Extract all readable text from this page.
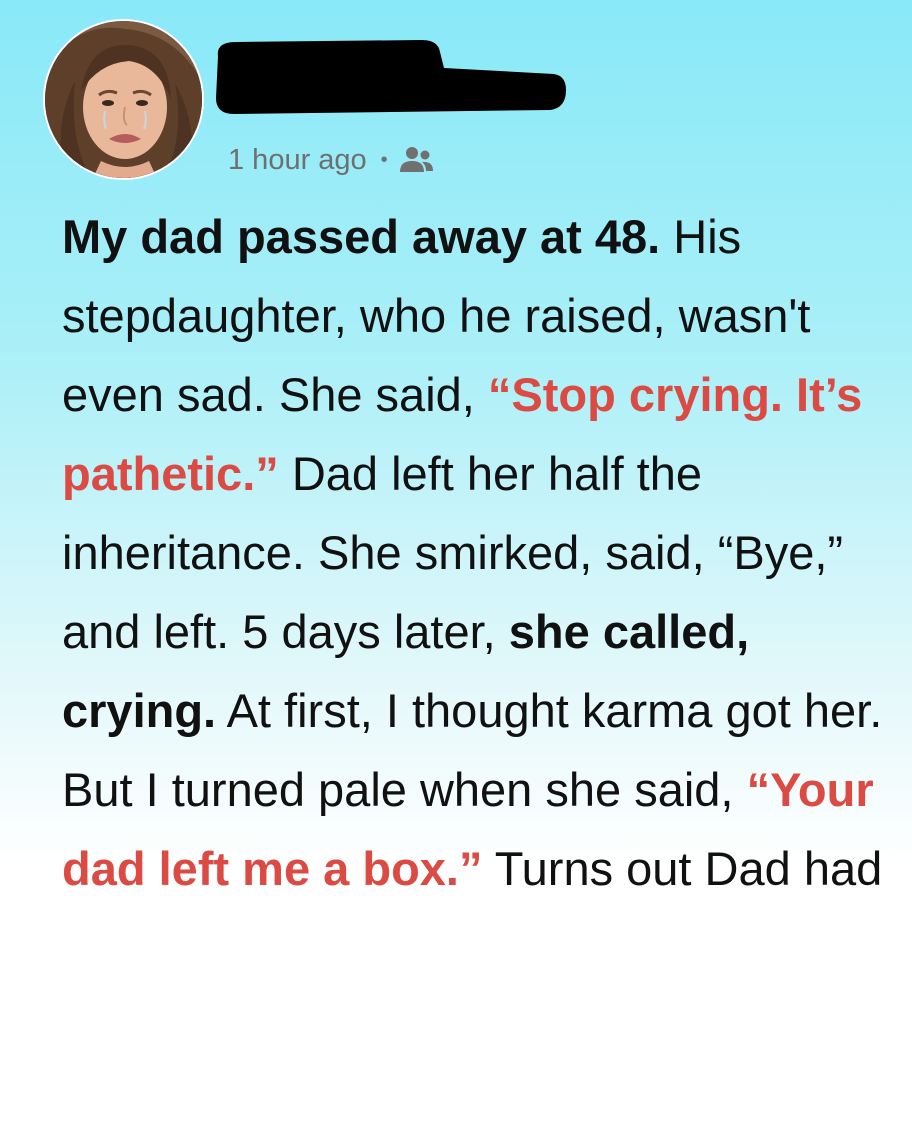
1 hour ago •

My dad passed away at 48. His stepdaughter, who he raised, wasn't even sad. She said, “Stop crying. It’s pathetic.” Dad left her half the inheritance. She smirked, said, “Bye,” and left. 5 days later, she called, crying. At first, I thought karma got her. But I turned pale when she said, “Your dad left me a box.” Turns out Dad had
